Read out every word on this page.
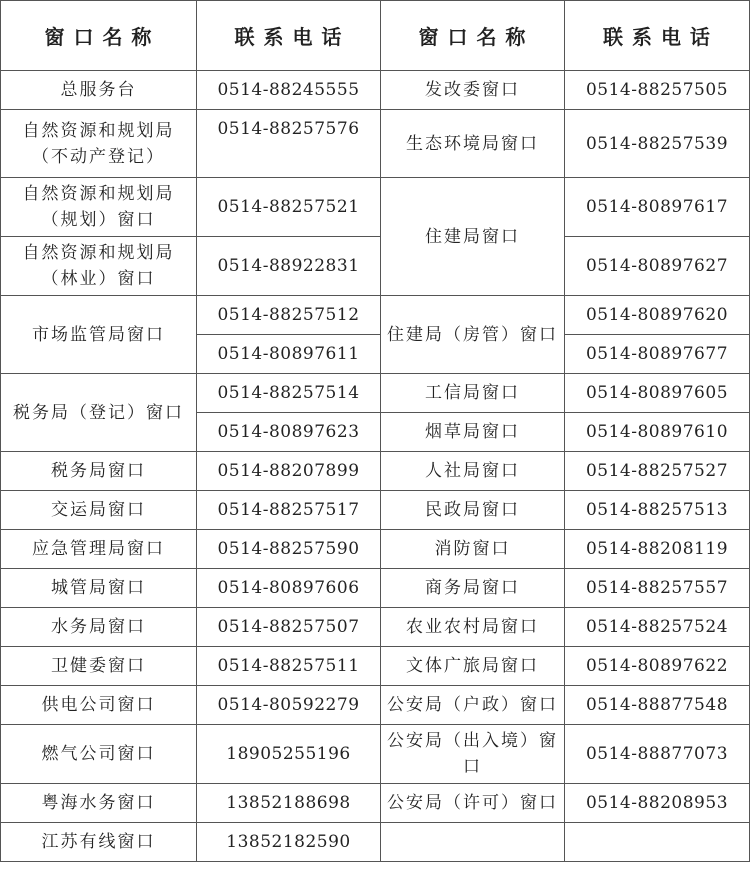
窗 口 名 称	联 系 电 话	窗 口 名 称	联 系 电 话
总服务台	0514-88245555	发改委窗口	0514-88257505
自然资源和规划局（不动产登记）	0514-88257576	生态环境局窗口	0514-88257539
自然资源和规划局（规划）窗口	0514-88257521	住建局窗口	0514-80897617
自然资源和规划局（林业）窗口	0514-88922831		0514-80897627
市场监管局窗口	0514-88257512	住建局（房管）窗口	0514-80897620
	0514-80897611		0514-80897677
税务局（登记）窗口	0514-88257514	工信局窗口	0514-80897605
	0514-80897623	烟草局窗口	0514-80897610
税务局窗口	0514-88207899	人社局窗口	0514-88257527
交运局窗口	0514-88257517	民政局窗口	0514-88257513
应急管理局窗口	0514-88257590	消防窗口	0514-88208119
城管局窗口	0514-80897606	商务局窗口	0514-88257557
水务局窗口	0514-88257507	农业农村局窗口	0514-88257524
卫健委窗口	0514-88257511	文体广旅局窗口	0514-80897622
供电公司窗口	0514-80592279	公安局（户政）窗口	0514-88877548
燃气公司窗口	18905255196	公安局（出入境）窗口	0514-88877073
粤海水务窗口	13852188698	公安局（许可）窗口	0514-88208953
江苏有线窗口	13852182590		
